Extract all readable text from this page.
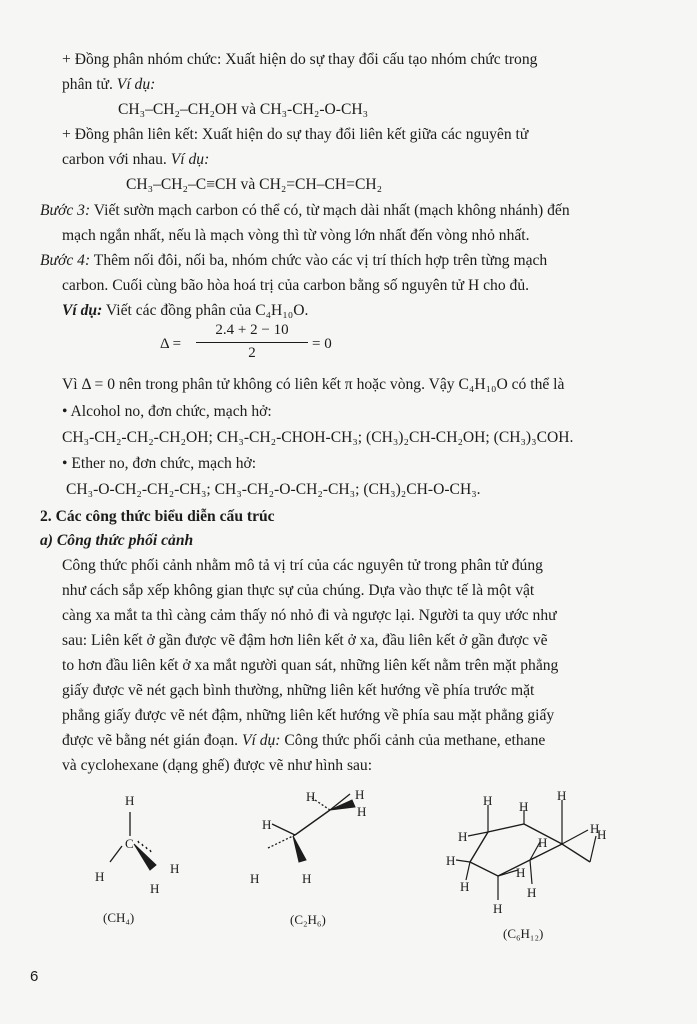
+ Đồng phân nhóm chức: Xuất hiện do sự thay đổi cấu tạo nhóm chức trong
phân tử. Ví dụ:
CH₃–CH₂–CH₂OH và CH₃-CH₂-O-CH₃
+ Đồng phân liên kết: Xuất hiện do sự thay đổi liên kết giữa các nguyên tử
carbon với nhau. Ví dụ:
CH₃–CH₂–C≡CH và CH₂=CH–CH=CH₂
Bước 3: Viết sườn mạch carbon có thể có, từ mạch dài nhất (mạch không nhánh) đến
mạch ngắn nhất, nếu là mạch vòng thì từ vòng lớn nhất đến vòng nhỏ nhất.
Bước 4: Thêm nối đôi, nối ba, nhóm chức vào các vị trí thích hợp trên từng mạch
carbon. Cuối cùng bão hòa hoá trị của carbon bằng số nguyên tử H cho đủ.
Ví dụ: Viết các đồng phân của C₄H₁₀O.
Δ =
2.4 + 2 − 10
2
= 0
Vì Δ = 0 nên trong phân tử không có liên kết π hoặc vòng. Vậy C₄H₁₀O có thể là
• Alcohol no, đơn chức, mạch hở:
CH₃-CH₂-CH₂-CH₂OH; CH₃-CH₂-CHOH-CH₃; (CH₃)₂CH-CH₂OH; (CH₃)₃COH.
• Ether no, đơn chức, mạch hở:
CH₃-O-CH₂-CH₂-CH₃; CH₃-CH₂-O-CH₂-CH₃; (CH₃)₂CH-O-CH₃.
2. Các công thức biểu diễn cấu trúc
a) Công thức phối cảnh
Công thức phối cảnh nhằm mô tả vị trí của các nguyên tử trong phân tử đúng
như cách sắp xếp không gian thực sự của chúng. Dựa vào thực tế là một vật
càng xa mắt ta thì càng cảm thấy nó nhỏ đi và ngược lại. Người ta quy ước như
sau: Liên kết ở gần được vẽ đậm hơn liên kết ở xa, đầu liên kết ở gần được vẽ
to hơn đầu liên kết ở xa mắt người quan sát, những liên kết nằm trên mặt phẳng
giấy được vẽ nét gạch bình thường, những liên kết hướng về phía trước mặt
phẳng giấy được vẽ nét đậm, những liên kết hướng về phía sau mặt phẳng giấy
được vẽ bằng nét gián đoạn. Ví dụ: Công thức phối cảnh của methane, ethane
và cyclohexane (dạng ghế) được vẽ như hình sau:
H
C
H
H
H
(CH₄)
H	H
H
H
H	H
(C₂H₆)
H H
H
H
H
H
H
H
H
H
H
H
(C₆H₁₂)
6
